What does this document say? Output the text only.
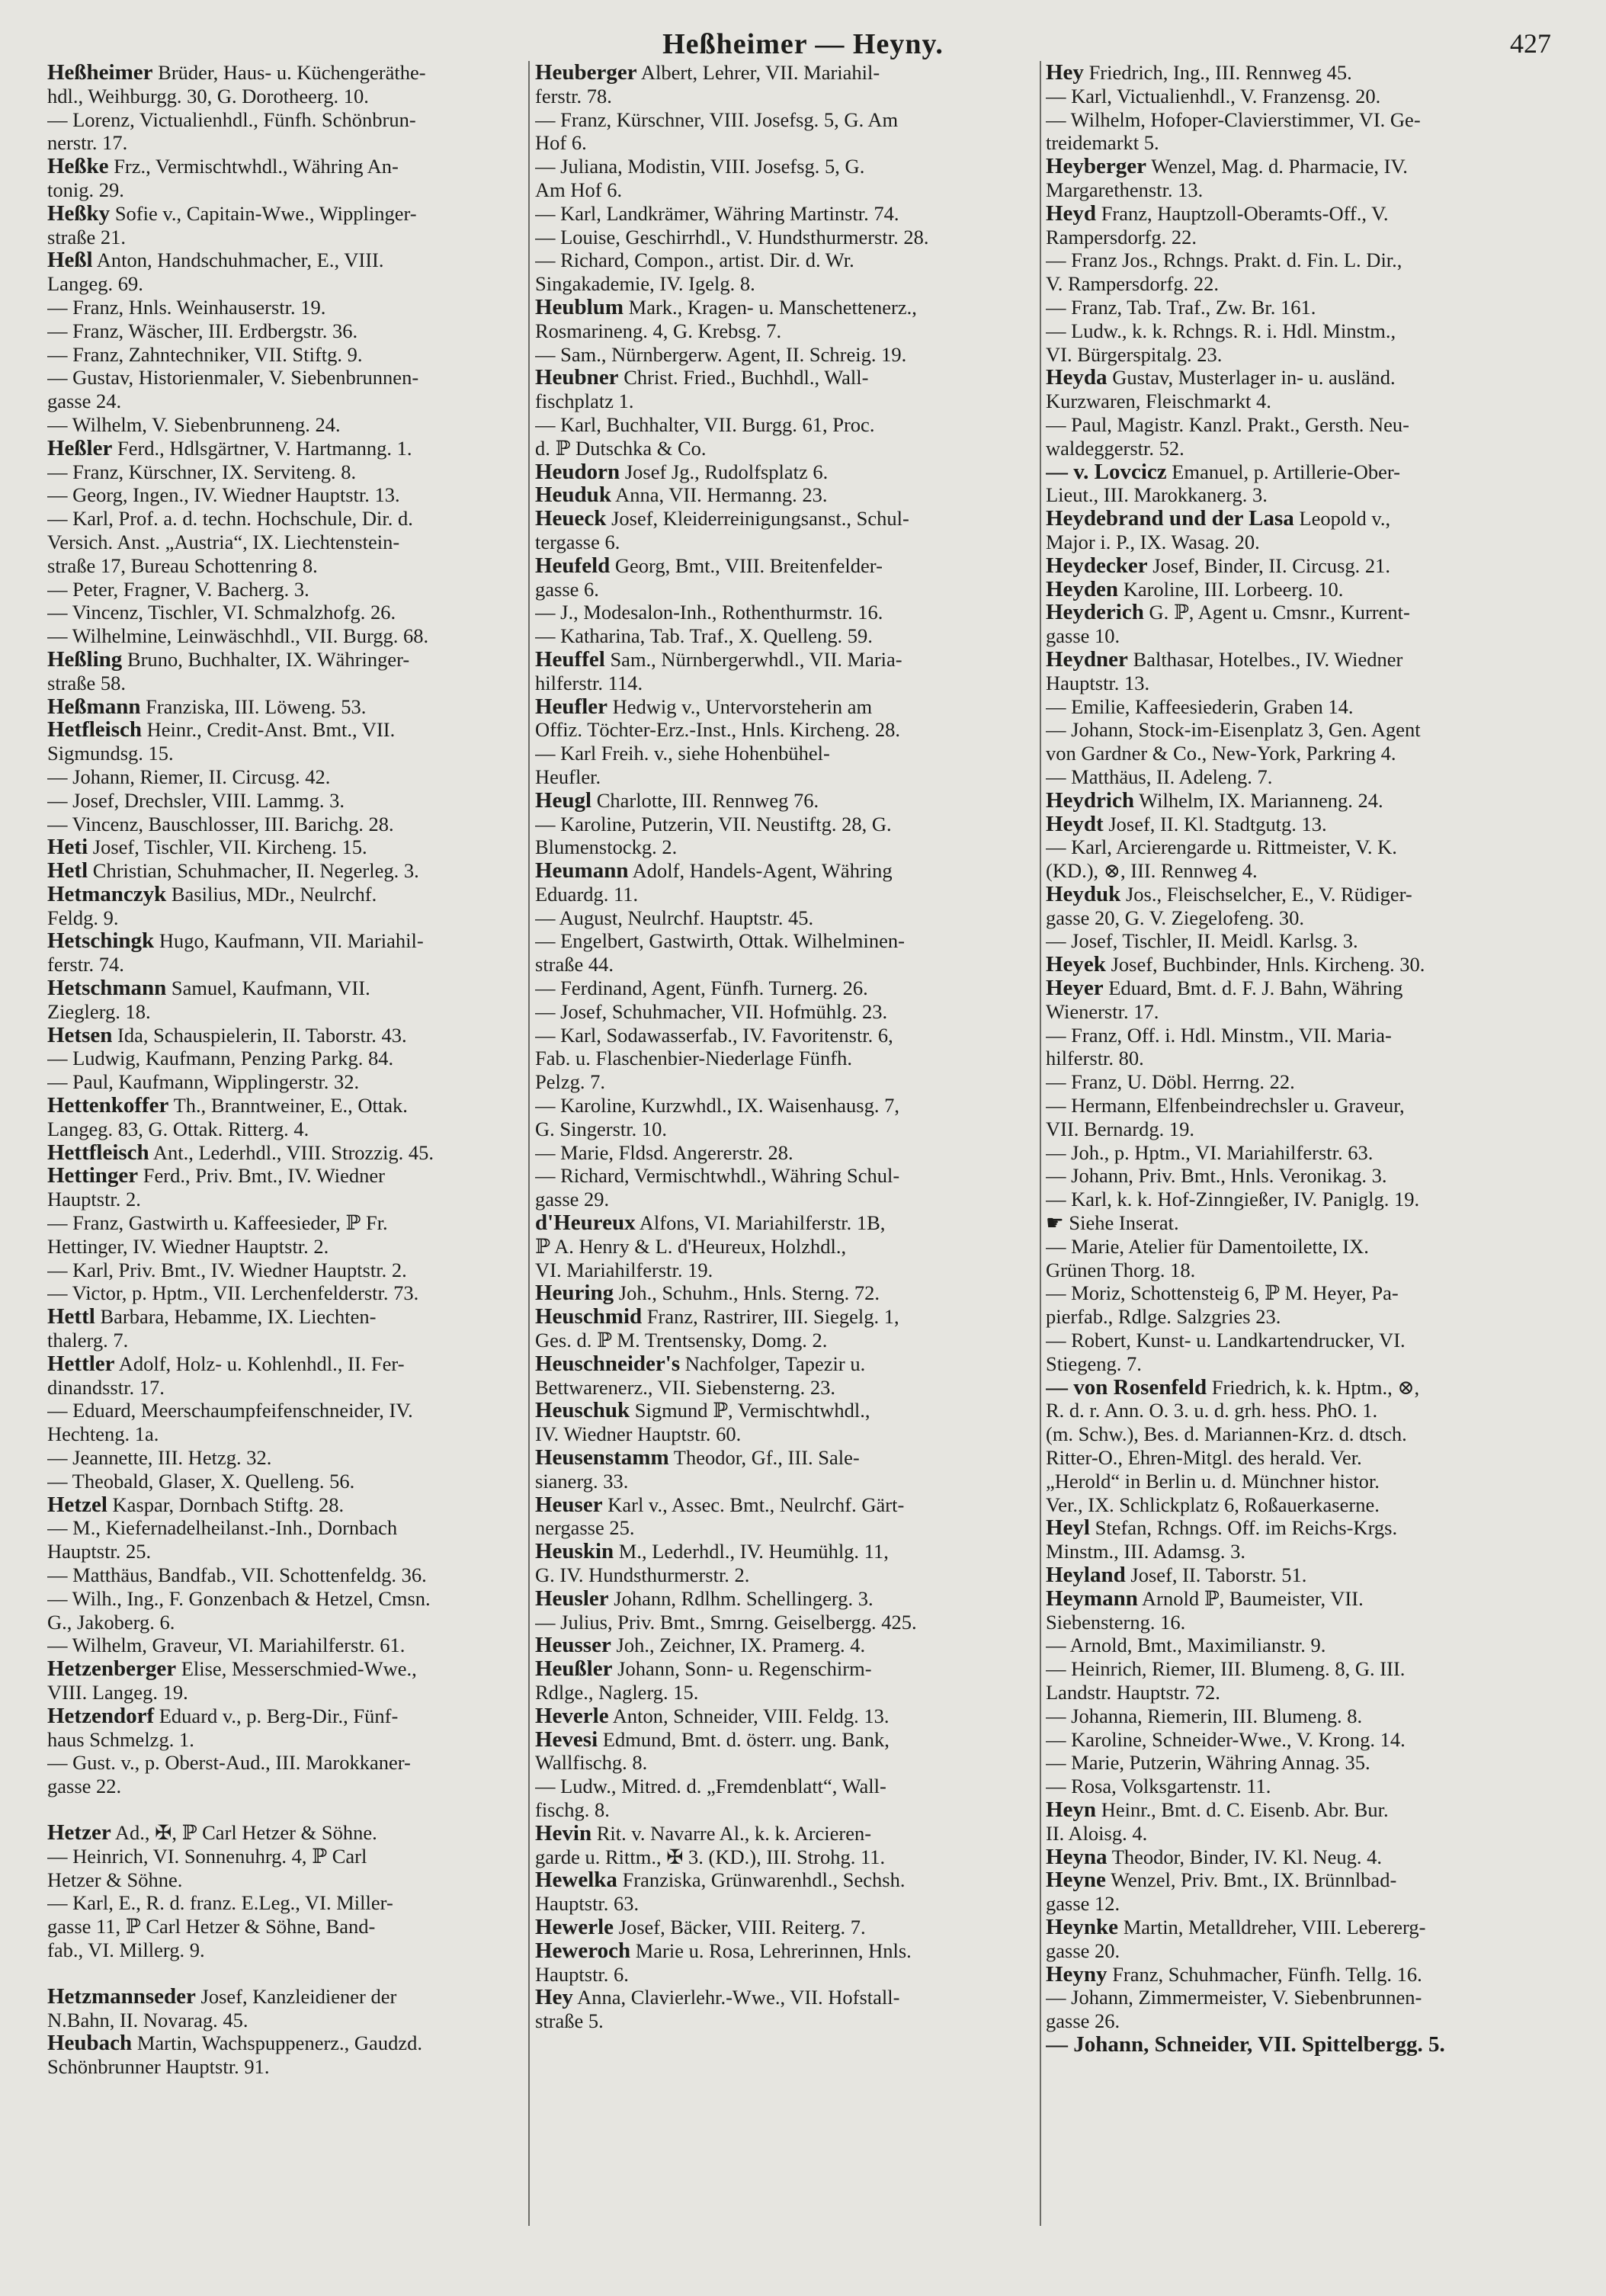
Heßheimer — Heyny.	427
Heßheimer Brüder, Haus- u. Küchengeräthe-
hdl., Weihburgg. 30, G. Dorotheerg. 10.
— Lorenz, Victualienhdl., Fünfh. Schönbrun-
nerstr. 17.
Heßke Frz., Vermischtwhdl., Währing An-
tonig. 29.
Heßky Sofie v., Capitain-Wwe., Wipplinger-
straße 21.
Heßl Anton, Handschuhmacher, E., VIII.
Langeg. 69.
— Franz, Hnls. Weinhauserstr. 19.
— Franz, Wäscher, III. Erdbergstr. 36.
— Franz, Zahntechniker, VII. Stiftg. 9.
— Gustav, Historienmaler, V. Siebenbrunnen-
gasse 24.
— Wilhelm, V. Siebenbrunneng. 24.
Heßler Ferd., Hdlsgärtner, V. Hartmanng. 1.
— Franz, Kürschner, IX. Serviteng. 8.
— Georg, Ingen., IV. Wiedner Hauptstr. 13.
— Karl, Prof. a. d. techn. Hochschule, Dir. d.
Versich. Anst. „Austria“, IX. Liechtenstein-
straße 17, Bureau Schottenring 8.
— Peter, Fragner, V. Bacherg. 3.
— Vincenz, Tischler, VI. Schmalzhofg. 26.
— Wilhelmine, Leinwäschhdl., VII. Burgg. 68.
Heßling Bruno, Buchhalter, IX. Währinger-
straße 58.
Heßmann Franziska, III. Löweng. 53.
Hetfleisch Heinr., Credit-Anst. Bmt., VII.
Sigmundsg. 15.
— Johann, Riemer, II. Circusg. 42.
— Josef, Drechsler, VIII. Lammg. 3.
— Vincenz, Bauschlosser, III. Barichg. 28.
Heti Josef, Tischler, VII. Kircheng. 15.
Hetl Christian, Schuhmacher, II. Negerleg. 3.
Hetmanczyk Basilius, MDr., Neulrchf.
Feldg. 9.
Hetschingk Hugo, Kaufmann, VII. Mariahil-
ferstr. 74.
Hetschmann Samuel, Kaufmann, VII.
Zieglerg. 18.
Hetsen Ida, Schauspielerin, II. Taborstr. 43.
— Ludwig, Kaufmann, Penzing Parkg. 84.
— Paul, Kaufmann, Wipplingerstr. 32.
Hettenkoffer Th., Branntweiner, E., Ottak.
Langeg. 83, G. Ottak. Ritterg. 4.
Hettfleisch Ant., Lederhdl., VIII. Strozzig. 45.
Hettinger Ferd., Priv. Bmt., IV. Wiedner
Hauptstr. 2.
— Franz, Gastwirth u. Kaffeesieder, ℙ Fr.
Hettinger, IV. Wiedner Hauptstr. 2.
— Karl, Priv. Bmt., IV. Wiedner Hauptstr. 2.
— Victor, p. Hptm., VII. Lerchenfelderstr. 73.
Hettl Barbara, Hebamme, IX. Liechten-
thalerg. 7.
Hettler Adolf, Holz- u. Kohlenhdl., II. Fer-
dinandsstr. 17.
— Eduard, Meerschaumpfeifenschneider, IV.
Hechteng. 1a.
— Jeannette, III. Hetzg. 32.
— Theobald, Glaser, X. Quelleng. 56.
Hetzel Kaspar, Dornbach Stiftg. 28.
— M., Kiefernadelheilanst.-Inh., Dornbach
Hauptstr. 25.
— Matthäus, Bandfab., VII. Schottenfeldg. 36.
— Wilh., Ing., F. Gonzenbach & Hetzel, Cmsn.
G., Jakoberg. 6.
— Wilhelm, Graveur, VI. Mariahilferstr. 61.
Hetzenberger Elise, Messerschmied-Wwe.,
VIII. Langeg. 19.
Hetzendorf Eduard v., p. Berg-Dir., Fünf-
haus Schmelzg. 1.
— Gust. v., p. Oberst-Aud., III. Marokkaner-
gasse 22.
Hetzer Ad., ✠, ℙ Carl Hetzer & Söhne.
— Heinrich, VI. Sonnenuhrg. 4, ℙ Carl
Hetzer & Söhne.
— Karl, E., R. d. franz. E.Leg., VI. Miller-
gasse 11, ℙ Carl Hetzer & Söhne, Band-
fab., VI. Millerg. 9.
Hetzmannseder Josef, Kanzleidiener der
N.Bahn, II. Novarag. 45.
Heubach Martin, Wachspuppenerz., Gaudzd.
Schönbrunner Hauptstr. 91.
Heuberger Albert, Lehrer, VII. Mariahil-
ferstr. 78.
— Franz, Kürschner, VIII. Josefsg. 5, G. Am
Hof 6.
— Juliana, Modistin, VIII. Josefsg. 5, G.
Am Hof 6.
— Karl, Landkrämer, Währing Martinstr. 74.
— Louise, Geschirrhdl., V. Hundsthurmerstr. 28.
— Richard, Compon., artist. Dir. d. Wr.
Singakademie, IV. Igelg. 8.
Heublum Mark., Kragen- u. Manschettenerz.,
Rosmarineng. 4, G. Krebsg. 7.
— Sam., Nürnbergerw. Agent, II. Schreig. 19.
Heubner Christ. Fried., Buchhdl., Wall-
fischplatz 1.
— Karl, Buchhalter, VII. Burgg. 61, Proc.
d. ℙ Dutschka & Co.
Heudorn Josef Jg., Rudolfsplatz 6.
Heuduk Anna, VII. Hermanng. 23.
Heueck Josef, Kleiderreinigungsanst., Schul-
tergasse 6.
Heufeld Georg, Bmt., VIII. Breitenfelder-
gasse 6.
— J., Modesalon-Inh., Rothenthurmstr. 16.
— Katharina, Tab. Traf., X. Quelleng. 59.
Heuffel Sam., Nürnbergerwhdl., VII. Maria-
hilferstr. 114.
Heufler Hedwig v., Untervorsteherin am
Offiz. Töchter-Erz.-Inst., Hnls. Kircheng. 28.
— Karl Freih. v., siehe Hohenbühel-
Heufler.
Heugl Charlotte, III. Rennweg 76.
— Karoline, Putzerin, VII. Neustiftg. 28, G.
Blumenstockg. 2.
Heumann Adolf, Handels-Agent, Währing
Eduardg. 11.
— August, Neulrchf. Hauptstr. 45.
— Engelbert, Gastwirth, Ottak. Wilhelminen-
straße 44.
— Ferdinand, Agent, Fünfh. Turnerg. 26.
— Josef, Schuhmacher, VII. Hofmühlg. 23.
— Karl, Sodawasserfab., IV. Favoritenstr. 6,
Fab. u. Flaschenbier-Niederlage Fünfh.
Pelzg. 7.
— Karoline, Kurzwhdl., IX. Waisenhausg. 7,
G. Singerstr. 10.
— Marie, Fldsd. Angererstr. 28.
— Richard, Vermischtwhdl., Währing Schul-
gasse 29.
d'Heureux Alfons, VI. Mariahilferstr. 1B,
ℙ A. Henry & L. d'Heureux, Holzhdl.,
VI. Mariahilferstr. 19.
Heuring Joh., Schuhm., Hnls. Sterng. 72.
Heuschmid Franz, Rastrirer, III. Siegelg. 1,
Ges. d. ℙ M. Trentsensky, Domg. 2.
Heuschneider's Nachfolger, Tapezir u.
Bettwarenerz., VII. Siebensterng. 23.
Heuschuk Sigmund ℙ, Vermischtwhdl.,
IV. Wiedner Hauptstr. 60.
Heusenstamm Theodor, Gf., III. Sale-
sianerg. 33.
Heuser Karl v., Assec. Bmt., Neulrchf. Gärt-
nergasse 25.
Heuskin M., Lederhdl., IV. Heumühlg. 11,
G. IV. Hundsthurmerstr. 2.
Heusler Johann, Rdlhm. Schellingerg. 3.
— Julius, Priv. Bmt., Smrng. Geiselbergg. 425.
Heusser Joh., Zeichner, IX. Pramerg. 4.
Heußler Johann, Sonn- u. Regenschirm-
Rdlge., Naglerg. 15.
Heverle Anton, Schneider, VIII. Feldg. 13.
Hevesi Edmund, Bmt. d. österr. ung. Bank,
Wallfischg. 8.
— Ludw., Mitred. d. „Fremdenblatt“, Wall-
fischg. 8.
Hevin Rit. v. Navarre Al., k. k. Arcieren-
garde u. Rittm., ✠ 3. (KD.), III. Strohg. 11.
Hewelka Franziska, Grünwarenhdl., Sechsh.
Hauptstr. 63.
Hewerle Josef, Bäcker, VIII. Reiterg. 7.
Heweroch Marie u. Rosa, Lehrerinnen, Hnls.
Hauptstr. 6.
Hey Anna, Clavierlehr.-Wwe., VII. Hofstall-
straße 5.
Hey Friedrich, Ing., III. Rennweg 45.
— Karl, Victualienhdl., V. Franzensg. 20.
— Wilhelm, Hofoper-Clavierstimmer, VI. Ge-
treidemarkt 5.
Heyberger Wenzel, Mag. d. Pharmacie, IV.
Margarethenstr. 13.
Heyd Franz, Hauptzoll-Oberamts-Off., V.
Rampersdorfg. 22.
— Franz Jos., Rchngs. Prakt. d. Fin. L. Dir.,
V. Rampersdorfg. 22.
— Franz, Tab. Traf., Zw. Br. 161.
— Ludw., k. k. Rchngs. R. i. Hdl. Minstm.,
VI. Bürgerspitalg. 23.
Heyda Gustav, Musterlager in- u. ausländ.
Kurzwaren, Fleischmarkt 4.
— Paul, Magistr. Kanzl. Prakt., Gersth. Neu-
waldeggerstr. 52.
— v. Lovcicz Emanuel, p. Artillerie-Ober-
Lieut., III. Marokkanerg. 3.
Heydebrand und der Lasa Leopold v.,
Major i. P., IX. Wasag. 20.
Heydecker Josef, Binder, II. Circusg. 21.
Heyden Karoline, III. Lorbeerg. 10.
Heyderich G. ℙ, Agent u. Cmsnr., Kurrent-
gasse 10.
Heydner Balthasar, Hotelbes., IV. Wiedner
Hauptstr. 13.
— Emilie, Kaffeesiederin, Graben 14.
— Johann, Stock-im-Eisenplatz 3, Gen. Agent
von Gardner & Co., New-York, Parkring 4.
— Matthäus, II. Adeleng. 7.
Heydrich Wilhelm, IX. Marianneng. 24.
Heydt Josef, II. Kl. Stadtgutg. 13.
— Karl, Arcierengarde u. Rittmeister, V. K.
(KD.), ⊗, III. Rennweg 4.
Heyduk Jos., Fleischselcher, E., V. Rüdiger-
gasse 20, G. V. Ziegelofeng. 30.
— Josef, Tischler, II. Meidl. Karlsg. 3.
Heyek Josef, Buchbinder, Hnls. Kircheng. 30.
Heyer Eduard, Bmt. d. F. J. Bahn, Währing
Wienerstr. 17.
— Franz, Off. i. Hdl. Minstm., VII. Maria-
hilferstr. 80.
— Franz, U. Döbl. Herrng. 22.
— Hermann, Elfenbeindrechsler u. Graveur,
VII. Bernardg. 19.
— Joh., p. Hptm., VI. Mariahilferstr. 63.
— Johann, Priv. Bmt., Hnls. Veronikag. 3.
— Karl, k. k. Hof-Zinngießer, IV. Paniglg. 19.
☛ Siehe Inserat.
— Marie, Atelier für Damentoilette, IX.
Grünen Thorg. 18.
— Moriz, Schottensteig 6, ℙ M. Heyer, Pa-
pierfab., Rdlge. Salzgries 23.
— Robert, Kunst- u. Landkartendrucker, VI.
Stiegeng. 7.
— von Rosenfeld Friedrich, k. k. Hptm., ⊗,
R. d. r. Ann. O. 3. u. d. grh. hess. PhO. 1.
(m. Schw.), Bes. d. Mariannen-Krz. d. dtsch.
Ritter-O., Ehren-Mitgl. des herald. Ver.
„Herold“ in Berlin u. d. Münchner histor.
Ver., IX. Schlickplatz 6, Roßauerkaserne.
Heyl Stefan, Rchngs. Off. im Reichs-Krgs.
Minstm., III. Adamsg. 3.
Heyland Josef, II. Taborstr. 51.
Heymann Arnold ℙ, Baumeister, VII.
Siebensterng. 16.
— Arnold, Bmt., Maximilianstr. 9.
— Heinrich, Riemer, III. Blumeng. 8, G. III.
Landstr. Hauptstr. 72.
— Johanna, Riemerin, III. Blumeng. 8.
— Karoline, Schneider-Wwe., V. Krong. 14.
— Marie, Putzerin, Währing Annag. 35.
— Rosa, Volksgartenstr. 11.
Heyn Heinr., Bmt. d. C. Eisenb. Abr. Bur.
II. Aloisg. 4.
Heyna Theodor, Binder, IV. Kl. Neug. 4.
Heyne Wenzel, Priv. Bmt., IX. Brünnlbad-
gasse 12.
Heynke Martin, Metalldreher, VIII. Lebererg-
gasse 20.
Heyny Franz, Schuhmacher, Fünfh. Tellg. 16.
— Johann, Zimmermeister, V. Siebenbrunnen-
gasse 26.
— Johann, Schneider, VII. Spittelbergg. 5.
